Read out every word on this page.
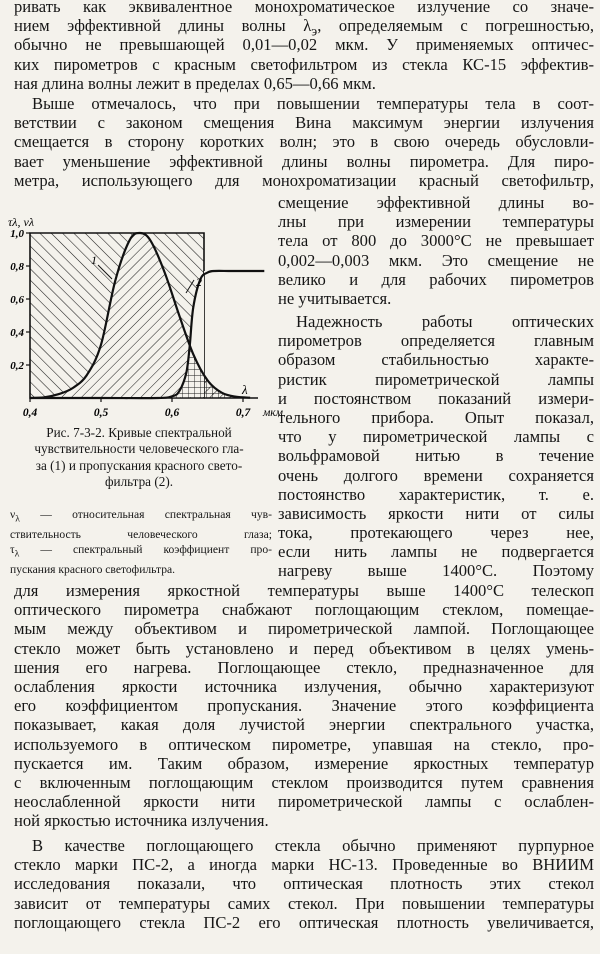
ривать как эквивалентное монохроматическое излучение со значе-
нием эффективной длины волны $\lambda_э$, определяемым с погрешностью,
обычно не превышающей 0,01—0,02 мкм. У применяемых оптичес-
ких пирометров с красным светофильтром из стекла КС-15 эффектив-
ная длина волны лежит в пределах 0,65—0,66 мкм.
Выше отмечалось, что при повышении температуры тела в соот-
ветствии с законом смещения Вина максимум энергии излучения
смещается в сторону коротких волн; это в свою очередь обусловли-
вает уменьшение эффективной длины волны пирометра. Для пиро-
метра, использующего для монохроматизации красный светофильтр,
смещение эффективной длины во-
лны при измерении температуры
тела от 800 до 3000°С не превышает
0,002—0,003 мкм. Это смещение не
велико и для рабочих пирометров
не учитывается.
Надежность работы оптических
пирометров определяется главным
образом стабильностью характе-
ристик пирометрической лампы
и постоянством показаний измери-
тельного прибора. Опыт показал,
что у пирометрической лампы с
вольфрамовой нитью в течение
очень долгого времени сохраняется
постоянство характеристик, т. е.
зависимость яркости нити от силы
тока, протекающего через нее,
если нить лампы не подвергается
нагреву выше 1400°С. Поэтому
для измерения яркостной температуры выше 1400°С телескоп
оптического пирометра снабжают поглощающим стеклом, помещае-
мым между объективом и пирометрической лампой. Поглощающее
стекло может быть установлено и перед объективом в целях умень-
шения его нагрева. Поглощающее стекло, предназначенное для
ослабления яркости источника излучения, обычно характеризуют
его коэффициентом пропускания. Значение этого коэффициента
показывает, какая доля лучистой энергии спектрального участка,
используемого в оптическом пирометре, упавшая на стекло, про-
пускается им. Таким образом, измерение яркостных температур
с включенным поглощающим стеклом производится путем сравнения
неослабленной яркости нити пирометрической лампы с ослаблен-
ной яркостью источника излучения.
В качестве поглощающего стекла обычно применяют пурпурное
стекло марки ПС-2, а иногда марки НС-13. Проведенные во ВНИИМ
исследования показали, что оптическая плотность этих стекол
зависит от температуры самих стекол. При повышении температуры
поглощающего стекла ПС-2 его оптическая плотность увеличивается,
0,2
0,4
0,6
0,8
1,0
0,4	0,5	0,6	0,7 мкм
τλ, νλ
λ
1
2
Рис. 7-3-2. Кривые спектральной
чувствительности человеческого гла-
за (1) и пропускания красного свето-
фильтра (2).
$\nu_\lambda$ — относительная спектральная чув-
ствительность человеческого глаза;
$\tau_\lambda$ — спектральный коэффициент про-
пускания красного светофильтра.
